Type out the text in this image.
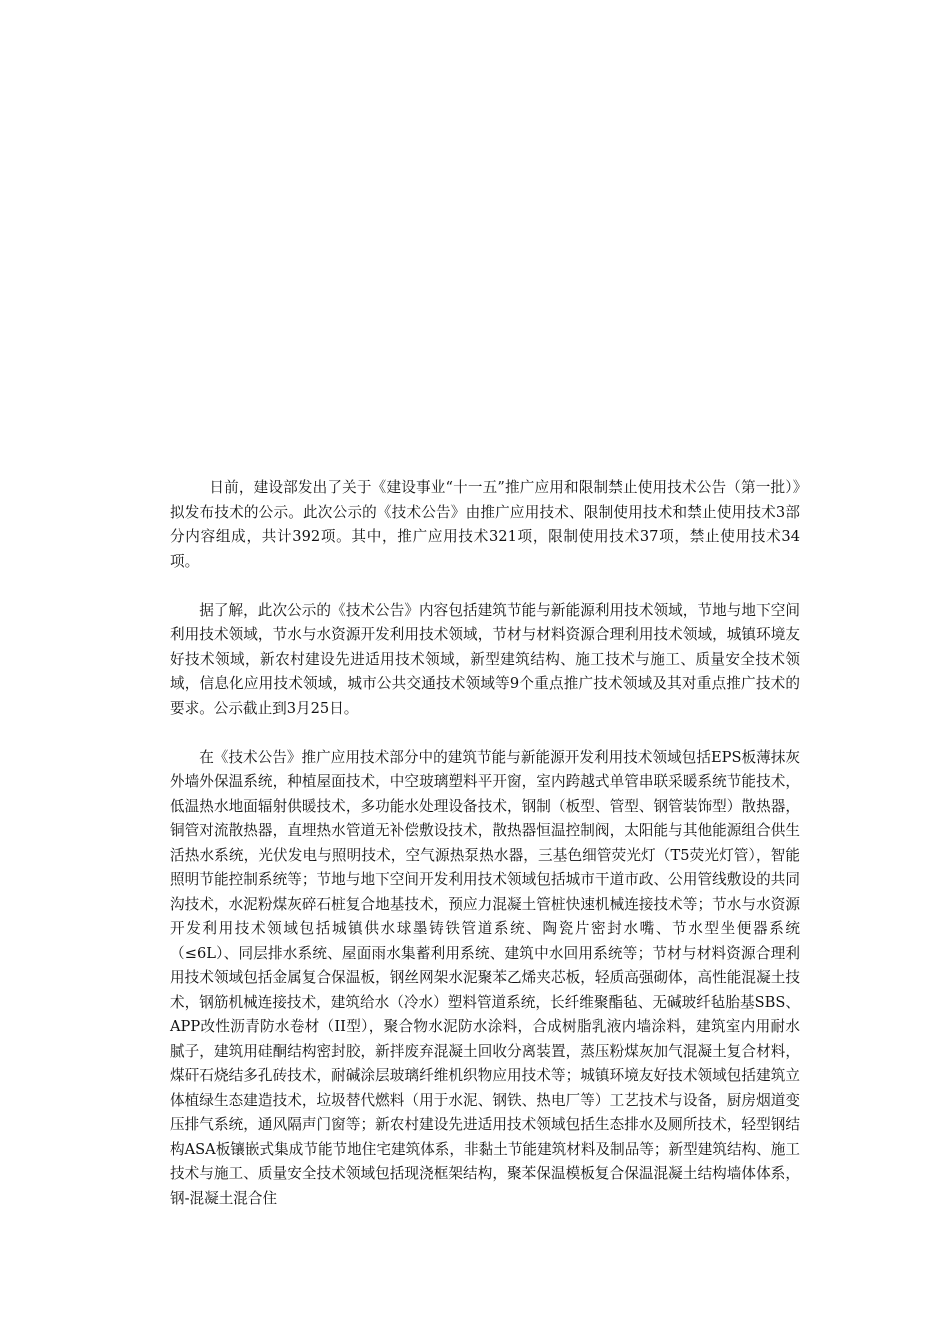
日前，建设部发出了关于《建设事业“十一五”推广应用和限制禁止使用技术公告（第一批）》拟发布技术的公示。此次公示的《技术公告》由推广应用技术、限制使用技术和禁止使用技术3部分内容组成，共计392项。其中，推广应用技术321项，限制使用技术37项，禁止使用技术34项。

据了解，此次公示的《技术公告》内容包括建筑节能与新能源利用技术领域，节地与地下空间利用技术领域，节水与水资源开发利用技术领域，节材与材料资源合理利用技术领域，城镇环境友好技术领域，新农村建设先进适用技术领域，新型建筑结构、施工技术与施工、质量安全技术领域，信息化应用技术领域，城市公共交通技术领域等9个重点推广技术领域及其对重点推广技术的要求。公示截止到3月25日。

在《技术公告》推广应用技术部分中的建筑节能与新能源开发利用技术领域包括EPS板薄抹灰外墙外保温系统，种植屋面技术，中空玻璃塑料平开窗，室内跨越式单管串联采暖系统节能技术，低温热水地面辐射供暖技术，多功能水处理设备技术，钢制（板型、管型、钢管装饰型）散热器，铜管对流散热器，直埋热水管道无补偿敷设技术，散热器恒温控制阀，太阳能与其他能源组合供生活热水系统，光伏发电与照明技术，空气源热泵热水器，三基色细管荧光灯（T5荧光灯管），智能照明节能控制系统等；节地与地下空间开发利用技术领域包括城市干道市政、公用管线敷设的共同沟技术，水泥粉煤灰碎石桩复合地基技术，预应力混凝土管桩快速机械连接技术等；节水与水资源开发利用技术领域包括城镇供水球墨铸铁管道系统、陶瓷片密封水嘴、节水型坐便器系统（≤6L）、同层排水系统、屋面雨水集蓄利用系统、建筑中水回用系统等；节材与材料资源合理利用技术领域包括金属复合保温板，钢丝网架水泥聚苯乙烯夹芯板，轻质高强砌体，高性能混凝土技术，钢筋机械连接技术，建筑给水（冷水）塑料管道系统，长纤维聚酯毡、无碱玻纤毡胎基SBS、APP改性沥青防水卷材（II型），聚合物水泥防水涂料，合成树脂乳液内墙涂料，建筑室内用耐水腻子，建筑用硅酮结构密封胶，新拌废弃混凝土回收分离装置，蒸压粉煤灰加气混凝土复合材料，煤矸石烧结多孔砖技术，耐碱涂层玻璃纤维机织物应用技术等；城镇环境友好技术领域包括建筑立体植绿生态建造技术，垃圾替代燃料（用于水泥、钢铁、热电厂等）工艺技术与设备，厨房烟道变压排气系统，通风隔声门窗等；新农村建设先进适用技术领域包括生态排水及厕所技术，轻型钢结构ASA板镶嵌式集成节能节地住宅建筑体系，非黏土节能建筑材料及制品等；新型建筑结构、施工技术与施工、质量安全技术领域包括现浇框架结构，聚苯保温模板复合保温混凝土结构墙体体系，钢-混凝土混合住
